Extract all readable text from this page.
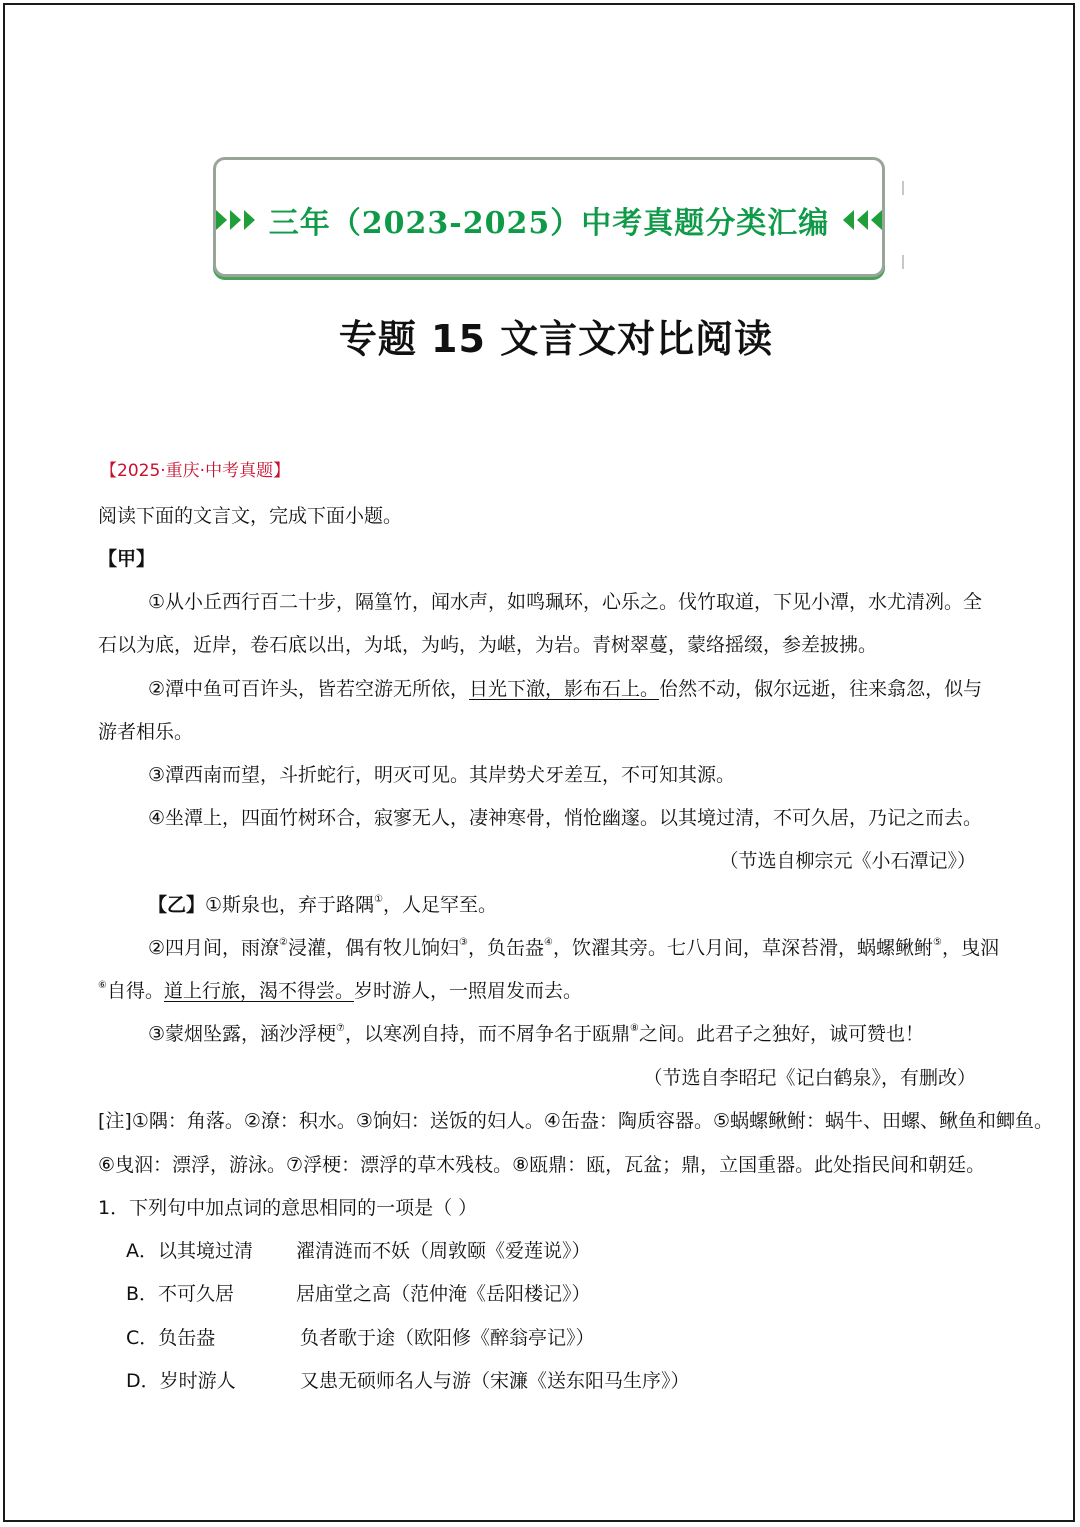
三年（2023-2025）中考真题分类汇编
专题 15 文言文对比阅读
【2025·重庆·中考真题】
阅读下面的文言文，完成下面小题。
【甲】
①从小丘西行百二十步，隔篁竹，闻水声，如鸣珮环，心乐之。伐竹取道，下见小潭，水尤清冽。全
石以为底，近岸，卷石底以出，为坻，为屿，为嵁，为岩。青树翠蔓，蒙络摇缀，参差披拂。
②潭中鱼可百许头，皆若空游无所依，日光下澈，影布石上。佁然不动，俶尔远逝，往来翕忽，似与
游者相乐。
③潭西南而望，斗折蛇行，明灭可见。其岸势犬牙差互，不可知其源。
④坐潭上，四面竹树环合，寂寥无人，凄神寒骨，悄怆幽邃。以其境过清，不可久居，乃记之而去。
（节选自柳宗元《小石潭记》）
【乙】①斯泉也，弃于路隅①，人足罕至。
②四月间，雨潦②浸灌，偶有牧儿饷妇③，负缶盎④，饮濯其旁。七八月间，草深苔滑，蜗螺鳅鲋⑤，曳泅
⑥自得。道上行旅，渴不得尝。岁时游人，一照眉发而去。
③蒙烟坠露，涵沙浮梗⑦，以寒冽自持，而不屑争名于瓯鼎⑧之间。此君子之独好，诚可赞也！
（节选自李昭玘《记白鹤泉》，有删改）
[注]①隅：角落。②潦：积水。③饷妇：送饭的妇人。④缶盎：陶质容器。⑤蜗螺鳅鲋：蜗牛、田螺、鳅鱼和鲫鱼。
⑥曳泅：漂浮，游泳。⑦浮梗：漂浮的草木残枝。⑧瓯鼎：瓯，瓦盆；鼎，立国重器。此处指民间和朝廷。
1．下列句中加点词的意思相同的一项是（ ）
A．以其境过清 濯清涟而不妖（周敦颐《爱莲说》）
B．不可久居	居庙堂之高（范仲淹《岳阳楼记》）
C．负缶盎	负者歌于途（欧阳修《醉翁亭记》）
D．岁时游人	又患无硕师名人与游（宋濂《送东阳马生序》）
